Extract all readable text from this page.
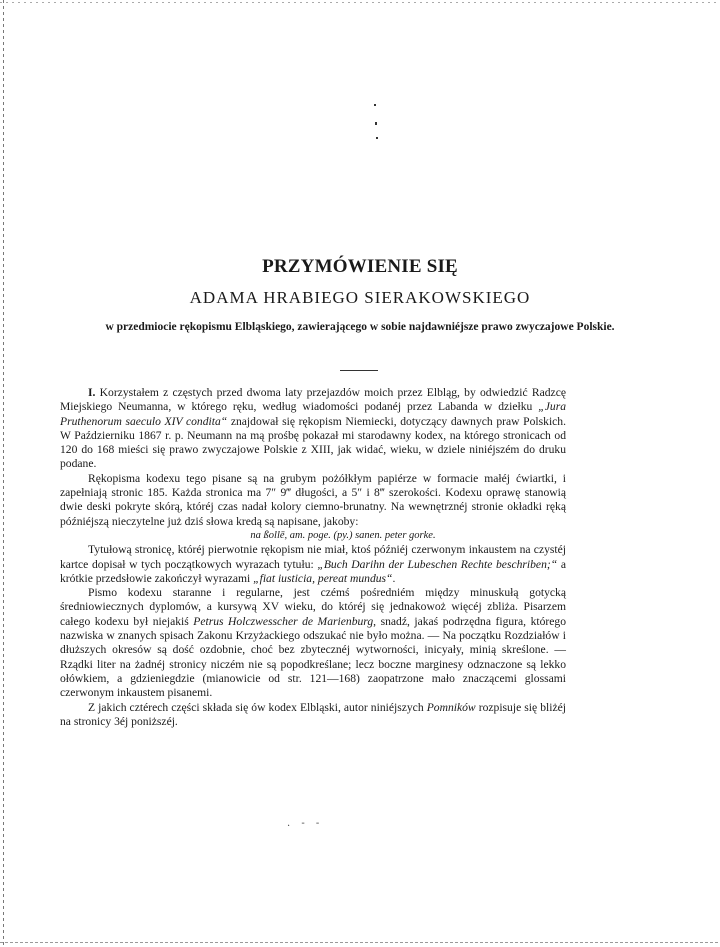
PRZYMÓWIENIE SIĘ
ADAMA HRABIEGO SIERAKOWSKIEGO
w przedmiocie rękopismu Elbląskiego, zawierającego w sobie najdawniéjsze prawo zwyczajowe Polskie.

I. Korzystałem z częstych przed dwoma laty przejazdów moich przez Elbląg, by odwiedzić Radzcę Miejskiego Neumanna, w którego ręku, według wiadomości podanéj przez Labanda w dziełku „Jura Pruthenorum saeculo XIV condita“ znajdował się rękopism Niemiecki, dotyczący dawnych praw Polskich. W Październiku 1867 r. p. Neumann na mą prośbę pokazał mi starodawny kodex, na którego stronicach od 120 do 168 mieści się prawo zwyczajowe Polskie z XIII, jak widać, wieku, w dziele niniéjszém do druku podane.

Rękopisma kodexu tego pisane są na grubym pożółkłym papiérze w formacie małéj ćwiartki, i zapełniają stronic 185. Każda stronica ma 7″ 9‴ długości, a 5″ i 8‴ szerokości. Kodexu oprawę stanowią dwie deski pokryte skórą, któréj czas nadał kolory ciemno-brunatny. Na wewnętrznéj stronie okładki ręką późniéjszą nieczytelne już dziś słowa kredą są napisane, jakoby:

na ßollē, am. poge. (py.) sanen. peter gorke.

Tytułową stronicę, któréj pierwotnie rękopism nie miał, ktoś późniéj czerwonym inkaustem na czystéj kartce dopisał w tych początkowych wyrazach tytułu: „Buch Darihn der Lubeschen Rechte beschriben;“ a krótkie przedsłowie zakończył wyrazami „fiat iusticia, pereat mundus“.

Pismo kodexu staranne i regularne, jest czémś pośredniém między minuskułą gotycką średniowiecznych dyplomów, a kursywą XV wieku, do któréj się jednakowoż więcéj zbliża. Pisarzem całego kodexu był niejakiś Petrus Holczwesscher de Marienburg, snadź, jakaś podrzędna figura, którego nazwiska w znanych spisach Zakonu Krzyżackiego odszukać nie było można. — Na początku Rozdziałów i dłuższych okresów są dość ozdobnie, choć bez zbytecznéj wytworności, inicyały, minią skreślone. — Rządki liter na żadnéj stronicy niczém nie są popodkreślane; lecz boczne marginesy odznaczone są lekko ołówkiem, a gdzieniegdzie (mianowicie od str. 121—168) zaopatrzone mało znaczącemi glossami czerwonym inkaustem pisanemi.

Z jakich cztérech części składa się ów kodex Elbląski, autor niniéjszych Pomników rozpisuje się bliżéj na stronicy 3éj poniższéj.

. - -
